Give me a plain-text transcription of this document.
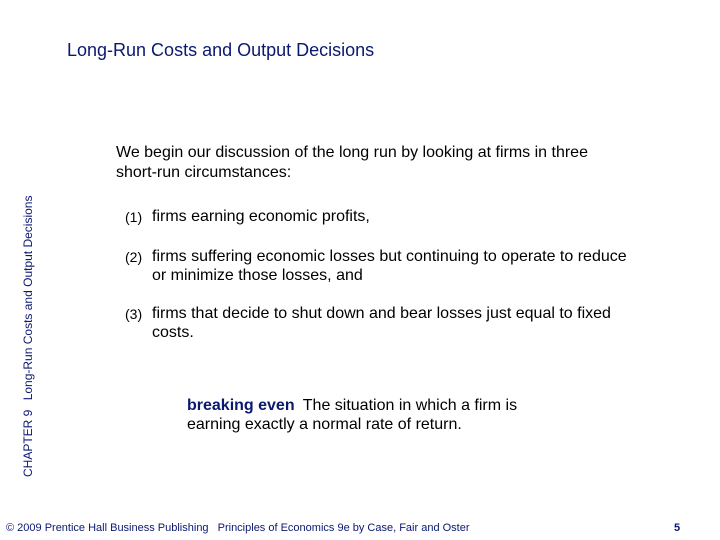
Long-Run Costs and Output Decisions
CHAPTER 9 Long-Run Costs and Output Decisions
We begin our discussion of the long run by looking at firms in three short-run circumstances:
(1) firms earning economic profits,
(2) firms suffering economic losses but continuing to operate to reduce or minimize those losses, and
(3) firms that decide to shut down and bear losses just equal to fixed costs.
breaking even The situation in which a firm is earning exactly a normal rate of return.
© 2009 Prentice Hall Business Publishing Principles of Economics 9e by Case, Fair and Oster	5
